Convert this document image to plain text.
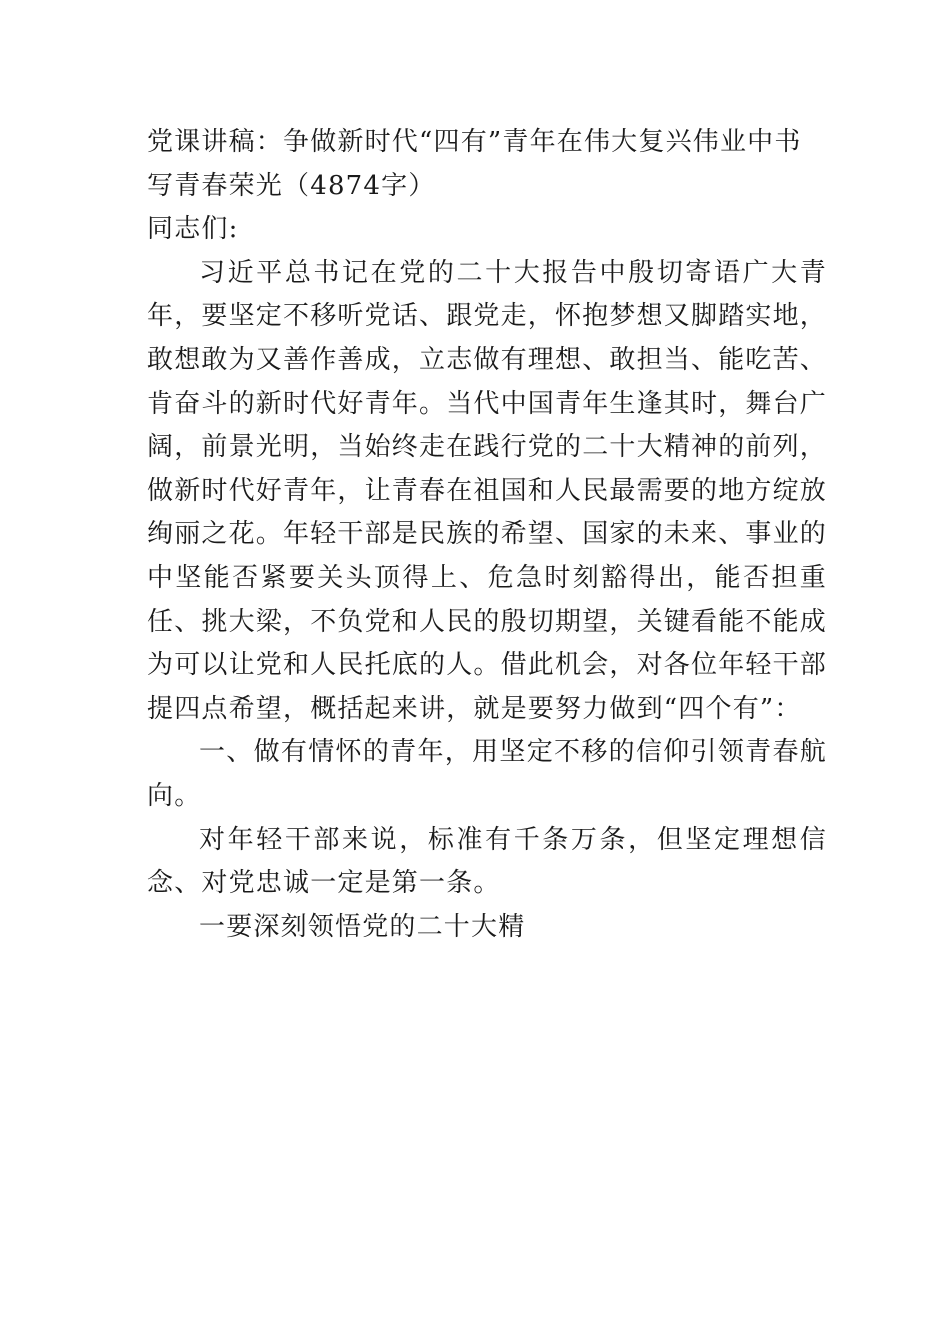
党课讲稿：争做新时代“四有”青年在伟大复兴伟业中书写青春荣光（4874字）

同志们:

习近平总书记在党的二十大报告中殷切寄语广大青年，要坚定不移听党话、跟党走，怀抱梦想又脚踏实地，敢想敢为又善作善成，立志做有理想、敢担当、能吃苦、肯奋斗的新时代好青年。当代中国青年生逢其时，舞台广阔，前景光明，当始终走在践行党的二十大精神的前列，做新时代好青年，让青春在祖国和人民最需要的地方绽放绚丽之花。年轻干部是民族的希望、国家的未来、事业的中坚能否紧要关头顶得上、危急时刻豁得出，能否担重任、挑大梁，不负党和人民的殷切期望，关键看能不能成为可以让党和人民托底的人。借此机会，对各位年轻干部提四点希望，概括起来讲，就是要努力做到“四个有”：

一、做有情怀的青年，用坚定不移的信仰引领青春航向。

对年轻干部来说，标准有千条万条，但坚定理想信念、对党忠诚一定是第一条。

一要深刻领悟党的二十大精
